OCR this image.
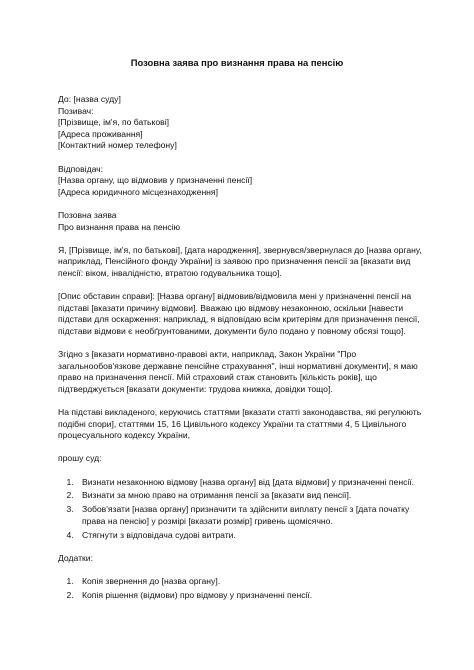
Позовна заява про визнання права на пенсію

До: [назва суду]

Позивач:

[Прізвище, ім'я, по батькові]

[Адреса проживання]

[Контактний номер телефону]

Відповідач:

[Назва органу, що відмовив у призначенні пенсії]

[Адреса юридичного місцезнаходження]

Позовна заява

Про визнання права на пенсію

Я, [Прізвище, ім'я, по батькові], [дата народження], звернувся/звернулася до [назва органу, наприклад, Пенсійного фонду України] із заявою про призначення пенсії за [вказати вид пенсії: віком, інвалідністю, втратою годувальника тощо].

[Опис обставин справи]: [Назва органу] відмовив/відмовила мені у призначенні пенсії на підставі [вказати причину відмови]. Вважаю цю відмову незаконною, оскільки [навести підстави для оскарження: наприклад, я відповідаю всім критеріям для призначення пенсії, підстави відмови є необґрунтованими, документи було подано у повному обсязі тощо].

Згідно з [вказати нормативно-правові акти, наприклад, Закон України "Про загальнообов'язкове державне пенсійне страхування", інші нормативні документи], я маю право на призначення пенсії. Мій страховий стаж становить [кількість років], що підтверджується [вказати документи: трудова книжка, довідки тощо].

На підставі викладеного, керуючись статтями [вказати статті законодавства, які регулюють подібні спори], статтями 15, 16 Цивільного кодексу України та статтями 4, 5 Цивільного процесуального кодексу України,

прошу суд:

1. Визнати незаконною відмову [назва органу] від [дата відмови] у призначенні пенсії.
2. Визнати за мною право на отримання пенсії за [вказати вид пенсії].
3. Зобов'язати [назва органу] призначити та здійснити виплату пенсії з [дата початку права на пенсію] у розмірі [вказати розмір] гривень щомісячно.
4. Стягнути з відповідача судові витрати.

Додатки:

1. Копія звернення до [назва органу].
2. Копія рішення (відмови) про відмову у призначенні пенсії.
